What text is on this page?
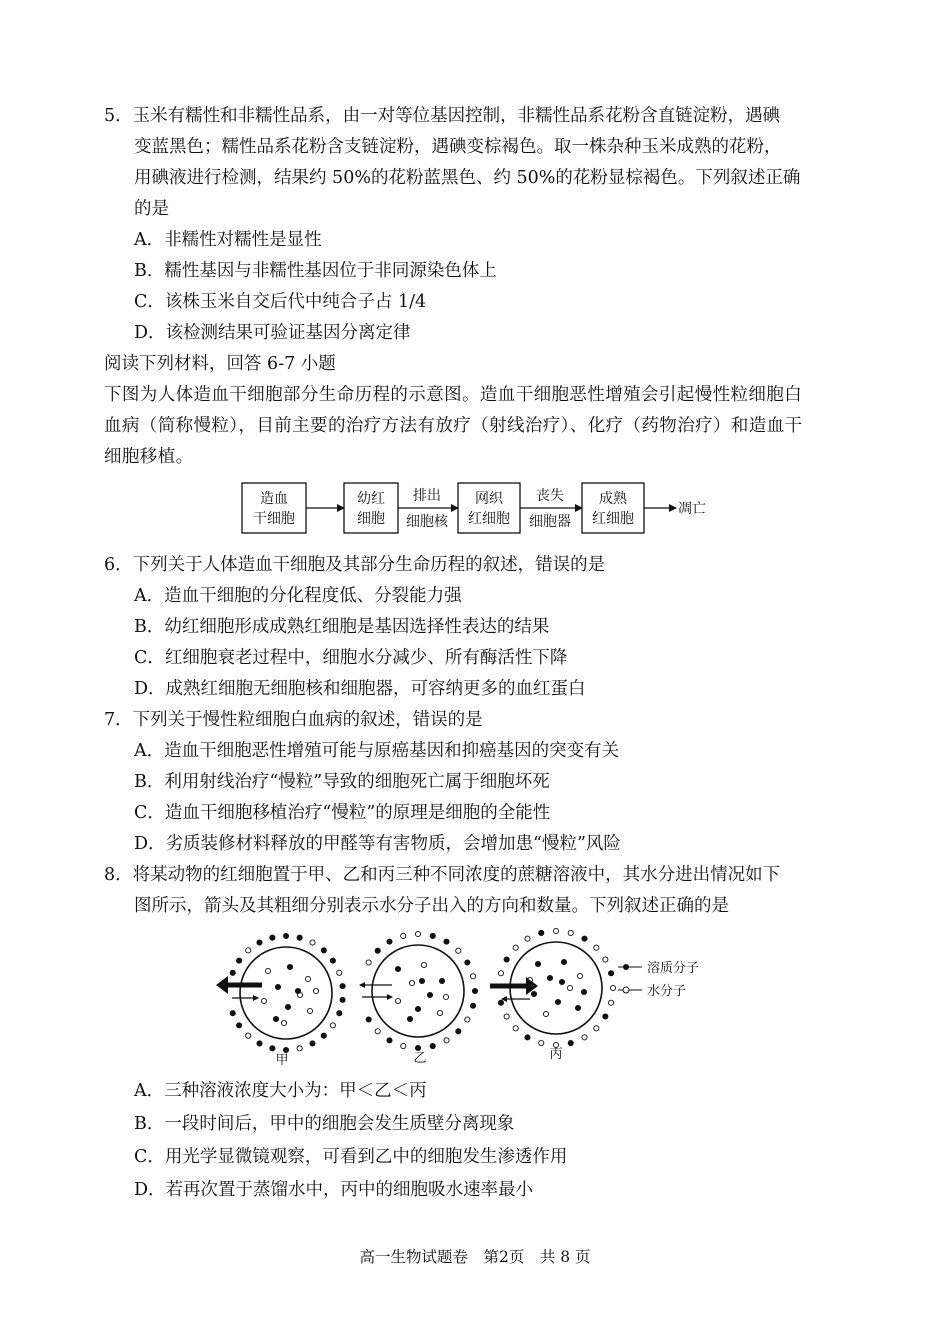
5．玉米有糯性和非糯性品系，由一对等位基因控制，非糯性品系花粉含直链淀粉，遇碘
变蓝黑色；糯性品系花粉含支链淀粉，遇碘变棕褐色。取一株杂种玉米成熟的花粉，
用碘液进行检测，结果约 50%的花粉蓝黑色、约 50%的花粉显棕褐色。下列叙述正确
的是
A．非糯性对糯性是显性
B．糯性基因与非糯性基因位于非同源染色体上
C．该株玉米自交后代中纯合子占 1/4
D．该检测结果可验证基因分离定律
阅读下列材料，回答 6-7 小题
下图为人体造血干细胞部分生命历程的示意图。造血干细胞恶性增殖会引起慢性粒细胞白
血病（简称慢粒），目前主要的治疗方法有放疗（射线治疗）、化疗（药物治疗）和造血干
细胞移植。
造血
干细胞
幼红
细胞
排出
细胞核
网织
红细胞
丧失
细胞器
成熟
红细胞
凋亡
6．下列关于人体造血干细胞及其部分生命历程的叙述，错误的是
A．造血干细胞的分化程度低、分裂能力强
B．幼红细胞形成成熟红细胞是基因选择性表达的结果
C．红细胞衰老过程中，细胞水分减少、所有酶活性下降
D．成熟红细胞无细胞核和细胞器，可容纳更多的血红蛋白
7．下列关于慢性粒细胞白血病的叙述，错误的是
A．造血干细胞恶性增殖可能与原癌基因和抑癌基因的突变有关
B．利用射线治疗“慢粒”导致的细胞死亡属于细胞坏死
C．造血干细胞移植治疗“慢粒”的原理是细胞的全能性
D．劣质装修材料释放的甲醛等有害物质，会增加患“慢粒”风险
8．将某动物的红细胞置于甲、乙和丙三种不同浓度的蔗糖溶液中，其水分进出情况如下
图所示，箭头及其粗细分别表示水分子出入的方向和数量。下列叙述正确的是
甲	乙	丙
溶质分子
水分子
A．三种溶液浓度大小为：甲＜乙＜丙
B．一段时间后，甲中的细胞会发生质壁分离现象
C．用光学显微镜观察，可看到乙中的细胞发生渗透作用
D．若再次置于蒸馏水中，丙中的细胞吸水速率最小
高一生物试题卷　第2页　共 8 页
